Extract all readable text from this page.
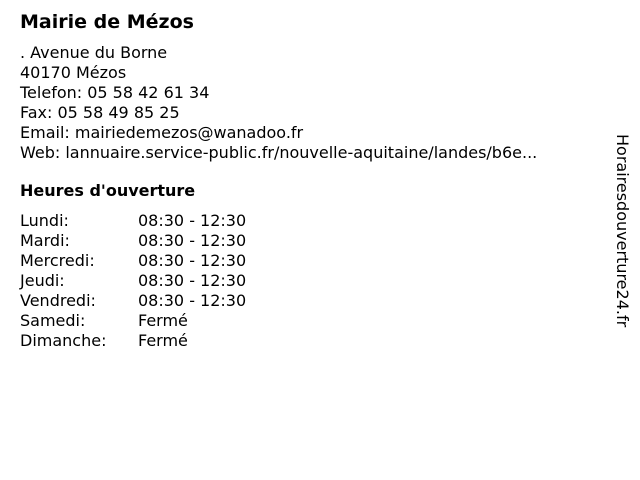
Mairie de Mézos
. Avenue du Borne
40170 Mézos
Telefon: 05 58 42 61 34
Fax: 05 58 49 85 25
Email: mairiedemezos@wanadoo.fr
Web: lannuaire.service-public.fr/nouvelle-aquitaine/landes/b6e...
Heures d'ouverture
Lundi:	08:30 - 12:30
Mardi:	08:30 - 12:30
Mercredi:	08:30 - 12:30
Jeudi:	08:30 - 12:30
Vendredi:	08:30 - 12:30
Samedi:	Fermé
Dimanche:	Fermé
Horairesdouverture24.fr
